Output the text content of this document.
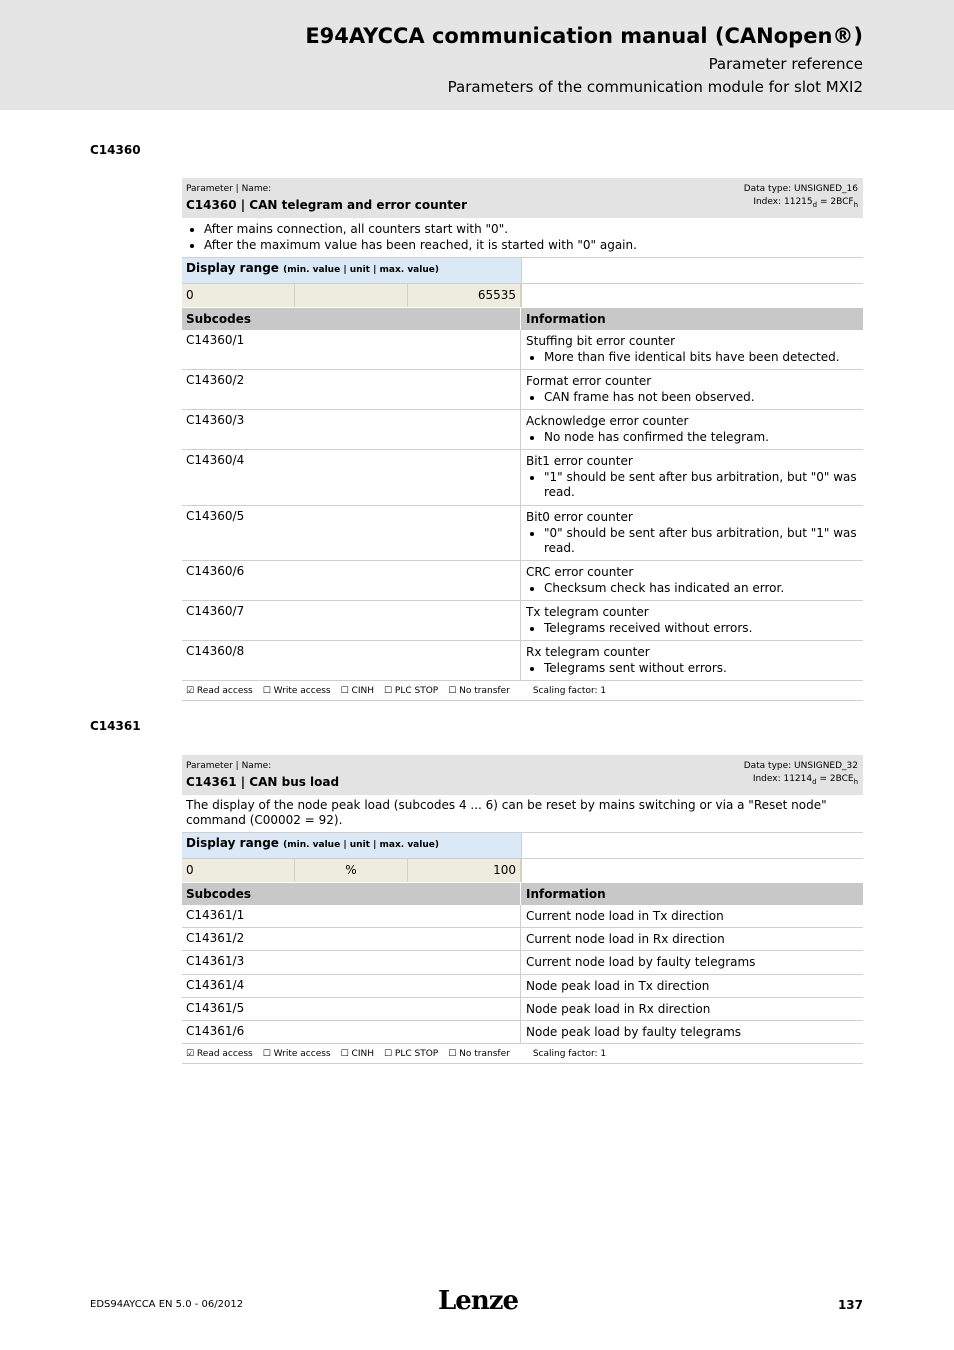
E94AYCCA communication manual (CANopen®)
Parameter reference
Parameters of the communication module for slot MXI2
C14360
Parameter | Name:
C14360 | CAN telegram and error counter
Data type: UNSIGNED_16
Index: $11215_d = 2BCF_h$
• After mains connection, all counters start with "0".
• After the maximum value has been reached, it is started with "0" again.
Display range (min. value | unit | max. value)
0	65535
Subcodes	Information
C14360/1	Stuffing bit error counter
• More than five identical bits have been detected.
C14360/2	Format error counter
• CAN frame has not been observed.
C14360/3	Acknowledge error counter
• No node has confirmed the telegram.
C14360/4	Bit1 error counter
• "1" should be sent after bus arbitration, but "0" was read.
C14360/5	Bit0 error counter
• "0" should be sent after bus arbitration, but "1" was read.
C14360/6	CRC error counter
• Checksum check has indicated an error.
C14360/7	Tx telegram counter
• Telegrams received without errors.
C14360/8	Rx telegram counter
• Telegrams sent without errors.
☑ Read access ☐ Write access ☐ CINH ☐ PLC STOP ☐ No transfer	Scaling factor: 1
C14361
Parameter | Name:
C14361 | CAN bus load
Data type: UNSIGNED_32
Index: $11214_d = 2BCE_h$
The display of the node peak load (subcodes 4 ... 6) can be reset by mains switching or via a "Reset node" command (C00002 = 92).
Display range (min. value | unit | max. value)
0	%	100
Subcodes	Information
C14361/1	Current node load in Tx direction
C14361/2	Current node load in Rx direction
C14361/3	Current node load by faulty telegrams
C14361/4	Node peak load in Tx direction
C14361/5	Node peak load in Rx direction
C14361/6	Node peak load by faulty telegrams
☑ Read access ☐ Write access ☐ CINH ☐ PLC STOP ☐ No transfer	Scaling factor: 1
EDS94AYCCA EN 5.0 - 06/2012	Lenze	137
